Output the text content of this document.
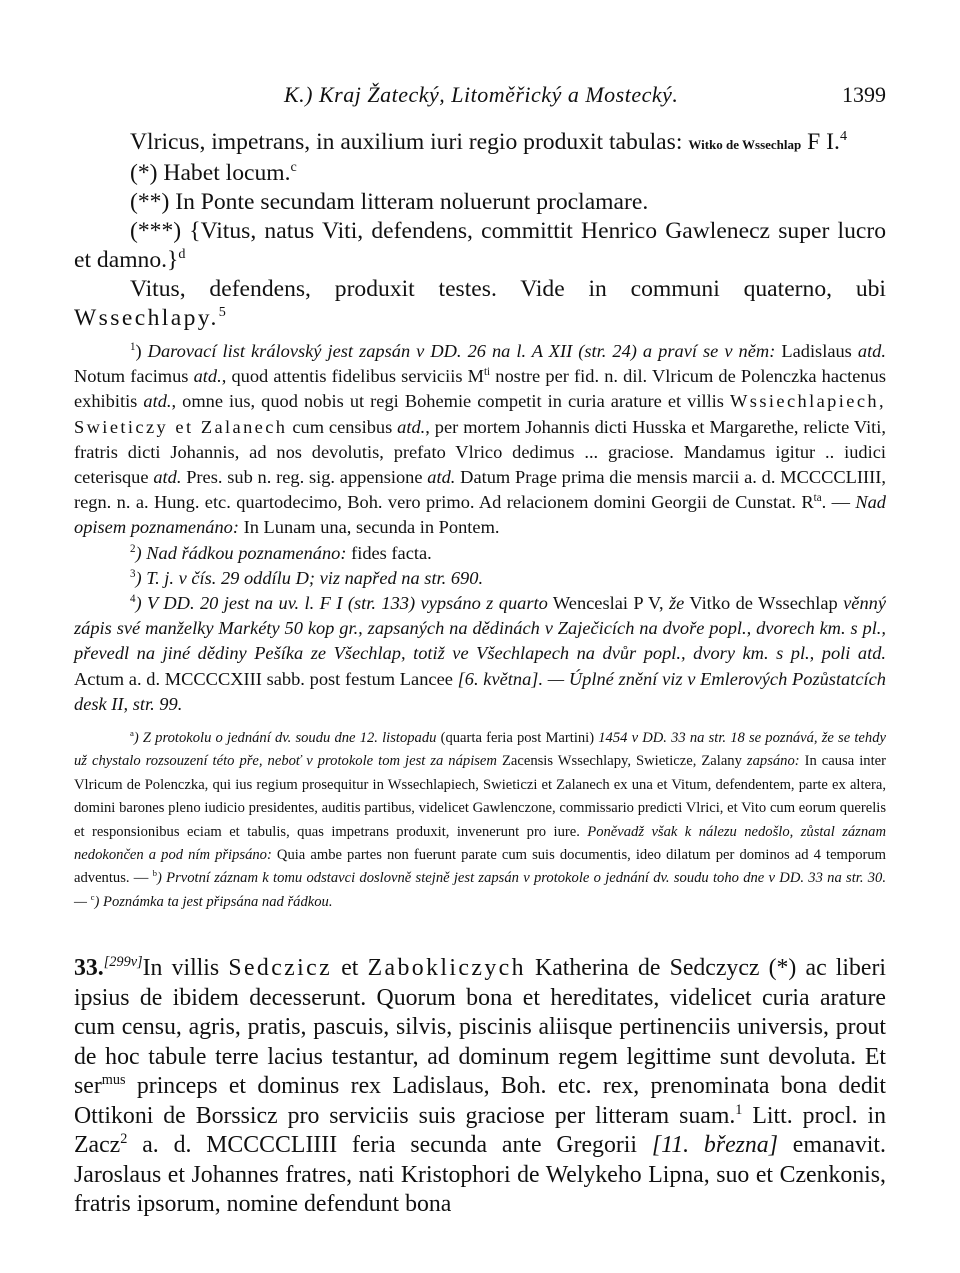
K.) Kraj Žatecký, Litoměřický a Mostecký.	1399

Vlricus, impetrans, in auxilium iuri regio produxit tabulas: Witko de Wssechlap F I.$^4$

(*) Habet locum.$^c$

(**) In Ponte secundam litteram noluerunt proclamare.

(***) {Vitus, natus Viti, defendens, committit Henrico Gawlenecz super lucro et damno.}$^d$

Vitus, defendens, produxit testes. Vide in communi quaterno, ubi Wssechlapy.$^5$

$^1$) Darovací list královský jest zapsán v DD. 26 na l. A XII (str. 24) a praví se v něm: Ladislaus atd. Notum facimus atd., quod attentis fidelibus serviciis $M^{ti}$ nostre per fid. n. dil. Vlricum de Polenczka hactenus exhibitis atd., omne ius, quod nobis ut regi Bohemie competit in curia arature et villis Wssiechlapiech, Swieticzy et Zalanech cum censibus atd., per mortem Johannis dicti Husska et Margarethe, relicte Viti, fratris dicti Johannis, ad nos devolutis, prefato Vlrico dedimus ... graciose. Mandamus igitur .. iudici ceterisque atd. Pres. sub n. reg. sig. appensione atd. Datum Prage prima die mensis marcii a. d. MCCCCLIIII, regn. n. a. Hung. etc. quartodecimo, Boh. vero primo. Ad relacionem domini Georgii de Cunstat. $R^{ta}$. — Nad opisem poznamenáno: In Lunam una, secunda in Pontem.

$^2$) Nad řádkou poznamenáno: fides facta.

$^3$) T. j. v čís. 29 oddílu D; viz napřed na str. 690.

$^4$) V DD. 20 jest na uv. l. F I (str. 133) vypsáno z quarto Wenceslai P V, že Vitko de Wssechlap věnný zápis své manželky Markéty 50 kop gr., zapsaných na dědinách v Zaječicích na dvoře popl., dvorech km. s pl., převedl na jiné dědiny Pešíka ze Všechlap, totiž ve Všechlapech na dvůr popl., dvory km. s pl., poli atd. Actum a. d. MCCCCXIII sabb. post festum Lancee [6. května]. — Úplné znění viz v Emlerových Pozůstatcích desk II, str. 99.

$^a$) Z protokolu o jednání dv. soudu dne 12. listopadu (quarta feria post Martini) 1454 v DD. 33 na str. 18 se poznává, že se tehdy už chystalo rozsouzení této pře, neboť v protokole tom jest za nápisem Zacensis Wssechlapy, Swieticze, Zalany zapsáno: In causa inter Vlricum de Polenczka, qui ius regium prosequitur in Wssechlapiech, Swieticzi et Zalanech ex una et Vitum, defendentem, parte ex altera, domini barones pleno iudicio presidentes, auditis partibus, videlicet Gawlenczone, commissario predicti Vlrici, et Vito cum eorum querelis et responsionibus eciam et tabulis, quas impetrans produxit, invenerunt pro iure. Poněvadž však k nálezu nedošlo, zůstal záznam nedokončen a pod ním připsáno: Quia ambe partes non fuerunt parate cum suis documentis, ideo dilatum per dominos ad 4 temporum adventus. — $^b$) Prvotní záznam k tomu odstavci doslovně stejně jest zapsán v protokole o jednání dv. soudu toho dne v DD. 33 na str. 30. — $^c$) Poznámka ta jest připsána nad řádkou.

33.[299v]In villis Sedczicz et Zabokliczych Katherina de Sedczycz (*) ac liberi ipsius de ibidem decesserunt. Quorum bona et hereditates, videlicet curia arature cum censu, agris, pratis, pascuis, silvis, piscinis aliisque pertinenciis universis, prout de hoc tabule terre lacius testantur, ad dominum regem legittime sunt devoluta. Et ser$^{mus}$ princeps et dominus rex Ladislaus, Boh. etc. rex, prenominata bona dedit Ottikoni de Borssicz pro serviciis suis graciose per litteram suam.$^1$ Litt. procl. in Zacz$^2$ a. d. MCCCCLIIII feria secunda ante Gregorii [11. března] emanavit. Jaroslaus et Johannes fratres, nati Kristophori de Welykeho Lipna, suo et Czenkonis, fratris ipsorum, nomine defendunt bona
